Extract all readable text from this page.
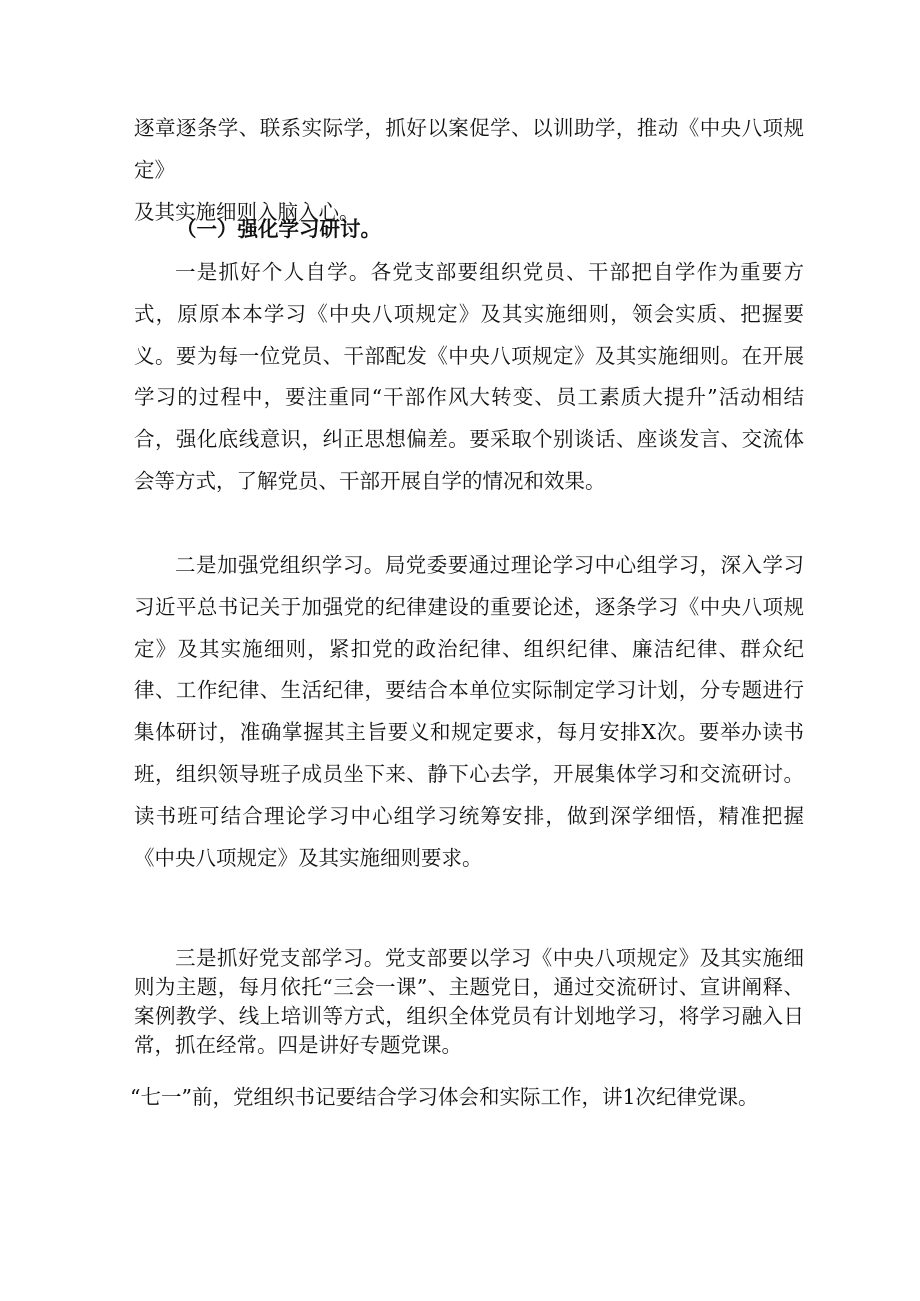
逐章逐条学、联系实际学，抓好以案促学、以训助学，推动《中央八项规定》
及其实施细则入脑入心。

（一）强化学习研讨。

一是抓好个人自学。各党支部要组织党员、干部把自学作为重要方式，原原本本学习《中央八项规定》及其实施细则，领会实质、把握要义。要为每一位党员、干部配发《中央八项规定》及其实施细则。在开展学习的过程中，要注重同“干部作风大转变、员工素质大提升”活动相结合，强化底线意识，纠正思想偏差。要采取个别谈话、座谈发言、交流体会等方式，了解党员、干部开展自学的情况和效果。

二是加强党组织学习。局党委要通过理论学习中心组学习，深入学习习近平总书记关于加强党的纪律建设的重要论述，逐条学习《中央八项规定》及其实施细则，紧扣党的政治纪律、组织纪律、廉洁纪律、群众纪律、工作纪律、生活纪律，要结合本单位实际制定学习计划，分专题进行集体研讨，准确掌握其主旨要义和规定要求，每月安排X次。要举办读书班，组织领导班子成员坐下来、静下心去学，开展集体学习和交流研讨。读书班可结合理论学习中心组学习统筹安排，做到深学细悟，精准把握《中央八项规定》及其实施细则要求。

三是抓好党支部学习。党支部要以学习《中央八项规定》及其实施细则为主题，每月依托“三会一课”、主题党日，通过交流研讨、宣讲阐释、案例教学、线上培训等方式，组织全体党员有计划地学习，将学习融入日常，抓在经常。四是讲好专题党课。

“七一”前，党组织书记要结合学习体会和实际工作，讲1次纪律党课。
